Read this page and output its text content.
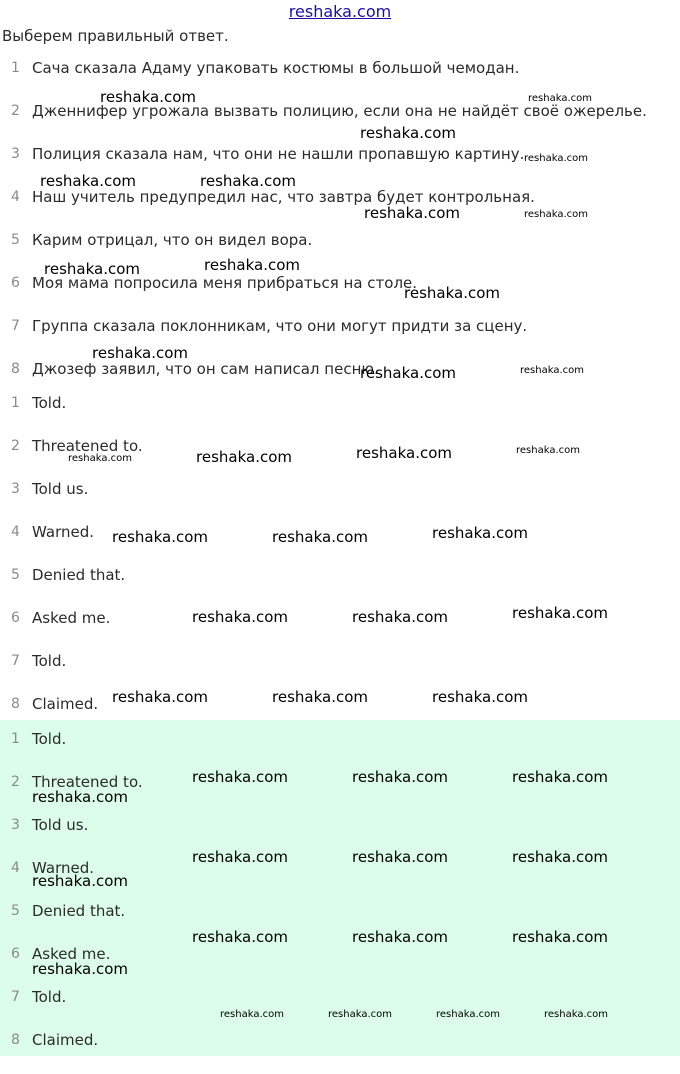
reshaka.com
Выберем правильный ответ.
1 Сача сказала Адаму упаковать костюмы в большой чемодан.
2 Дженнифер угрожала вызвать полицию, если она не найдёт своё ожерелье.
3 Полиция сказала нам, что они не нашли пропавшую картину.
4 Наш учитель предупредил нас, что завтра будет контрольная.
5 Карим отрицал, что он видел вора.
6 Моя мама попросила меня прибраться на столе.
7 Группа сказала поклонникам, что они могут придти за сцену.
8 Джозеф заявил, что он сам написал песню.
1 Told.
2 Threatened to.
3 Told us.
4 Warned.
5 Denied that.
6 Asked me.
7 Told.
8 Claimed.
1 Told.
2 Threatened to.
3 Told us.
4 Warned.
5 Denied that.
6 Asked me.
7 Told.
8 Claimed.
reshaka.com	reshaka.com
reshaka.com
reshaka.com
reshaka.com	reshaka.com
reshaka.com	reshaka.com
reshaka.com	reshaka.com
reshaka.com
reshaka.com
reshaka.com	reshaka.com
reshaka.com	reshaka.com	reshaka.com	reshaka.com
reshaka.com	reshaka.com	reshaka.com
reshaka.com	reshaka.com	reshaka.com
reshaka.com	reshaka.com	reshaka.com
reshaka.com	reshaka.com	reshaka.com
reshaka.com
reshaka.com	reshaka.com	reshaka.com
reshaka.com
reshaka.com	reshaka.com	reshaka.com
reshaka.com
reshaka.com	reshaka.com	reshaka.com	reshaka.com
